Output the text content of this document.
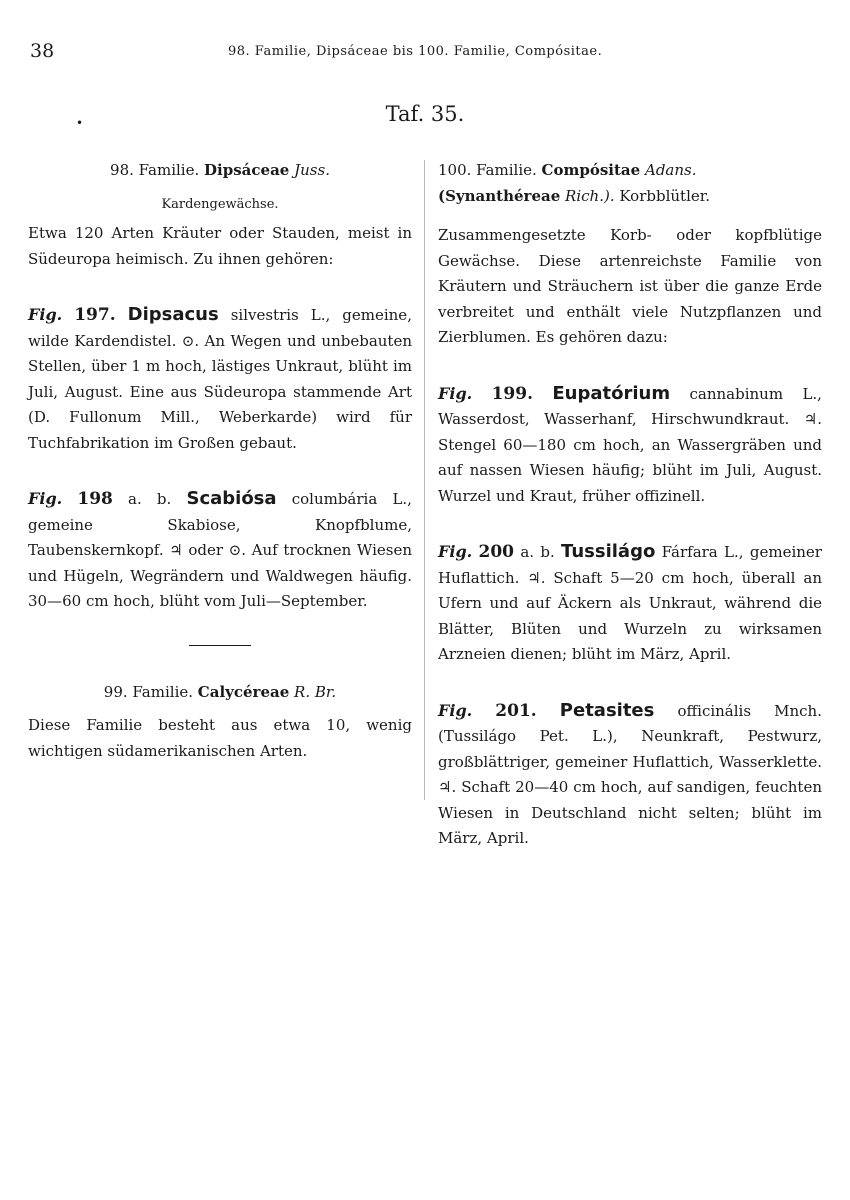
38	98. Familie, Dipsáceae bis 100. Familie, Compósitae.
•	Taf. 35.

98. Familie. Dipsáceae Juss.

Kardengewächse.

Etwa 120 Arten Kräuter oder Stauden, meist in Südeuropa heimisch. Zu ihnen gehören:

Fig. 197. Dipsacus silvestris L., gemeine, wilde Kardendistel. ⊙. An Wegen und unbebauten Stellen, über 1 m hoch, lästiges Unkraut, blüht im Juli, August. Eine aus Südeuropa stammende Art (D. Fullonum Mill., Weberkarde) wird für Tuchfabrikation im Großen gebaut.

Fig. 198 a. b. Scabiósa columbária L., gemeine Skabiose, Knopfblume, Taubenskernkopf. ♃ oder ⊙. Auf trocknen Wiesen und Hügeln, Wegrändern und Waldwegen häufig. 30—60 cm hoch, blüht vom Juli—September.

99. Familie. Calycéreae R. Br.

Diese Familie besteht aus etwa 10, wenig wichtigen südamerikanischen Arten.

100. Familie. Compósitae Adans. (Synanthéreae Rich.). Korbblütler.

Zusammengesetzte Korb- oder kopfblütige Gewächse. Diese artenreichste Familie von Kräutern und Sträuchern ist über die ganze Erde verbreitet und enthält viele Nutzpflanzen und Zierblumen. Es gehören dazu:

Fig. 199. Eupatórium cannabinum L., Wasserdost, Wasserhanf, Hirschwundkraut. ♃. Stengel 60—180 cm hoch, an Wassergräben und auf nassen Wiesen häufig; blüht im Juli, August. Wurzel und Kraut, früher offizinell.

Fig. 200 a. b. Tussilágo Fárfara L., gemeiner Huflattich. ♃. Schaft 5—20 cm hoch, überall an Ufern und auf Äckern als Unkraut, während die Blätter, Blüten und Wurzeln zu wirksamen Arzneien dienen; blüht im März, April.

Fig. 201. Petasites officinális Mnch. (Tussilágo Pet. L.), Neunkraft, Pestwurz, großblättriger, gemeiner Huflattich, Wasserklette. ♃. Schaft 20—40 cm hoch, auf sandigen, feuchten Wiesen in Deutschland nicht selten; blüht im März, April.
